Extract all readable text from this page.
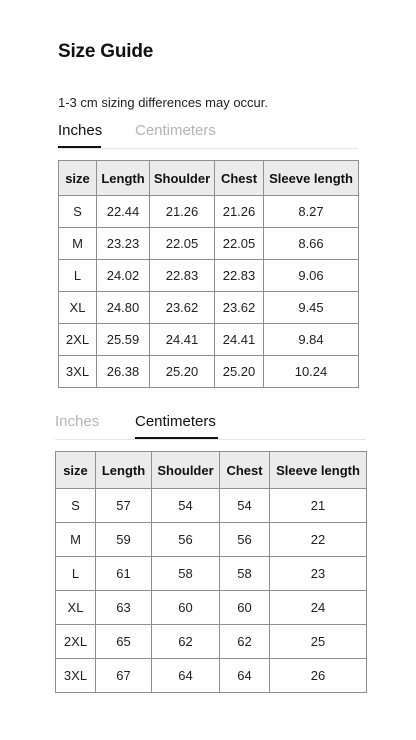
Size Guide
1-3 cm sizing differences may occur.
Inches Centimeters
size	Length	Shoulder	Chest	Sleeve length
S	22.44	21.26	21.26	8.27
M	23.23	22.05	22.05	8.66
L	24.02	22.83	22.83	9.06
XL	24.80	23.62	23.62	9.45
2XL	25.59	24.41	24.41	9.84
3XL	26.38	25.20	25.20	10.24
Inches Centimeters
size	Length	Shoulder	Chest	Sleeve length
S	57	54	54	21
M	59	56	56	22
L	61	58	58	23
XL	63	60	60	24
2XL	65	62	62	25
3XL	67	64	64	26
